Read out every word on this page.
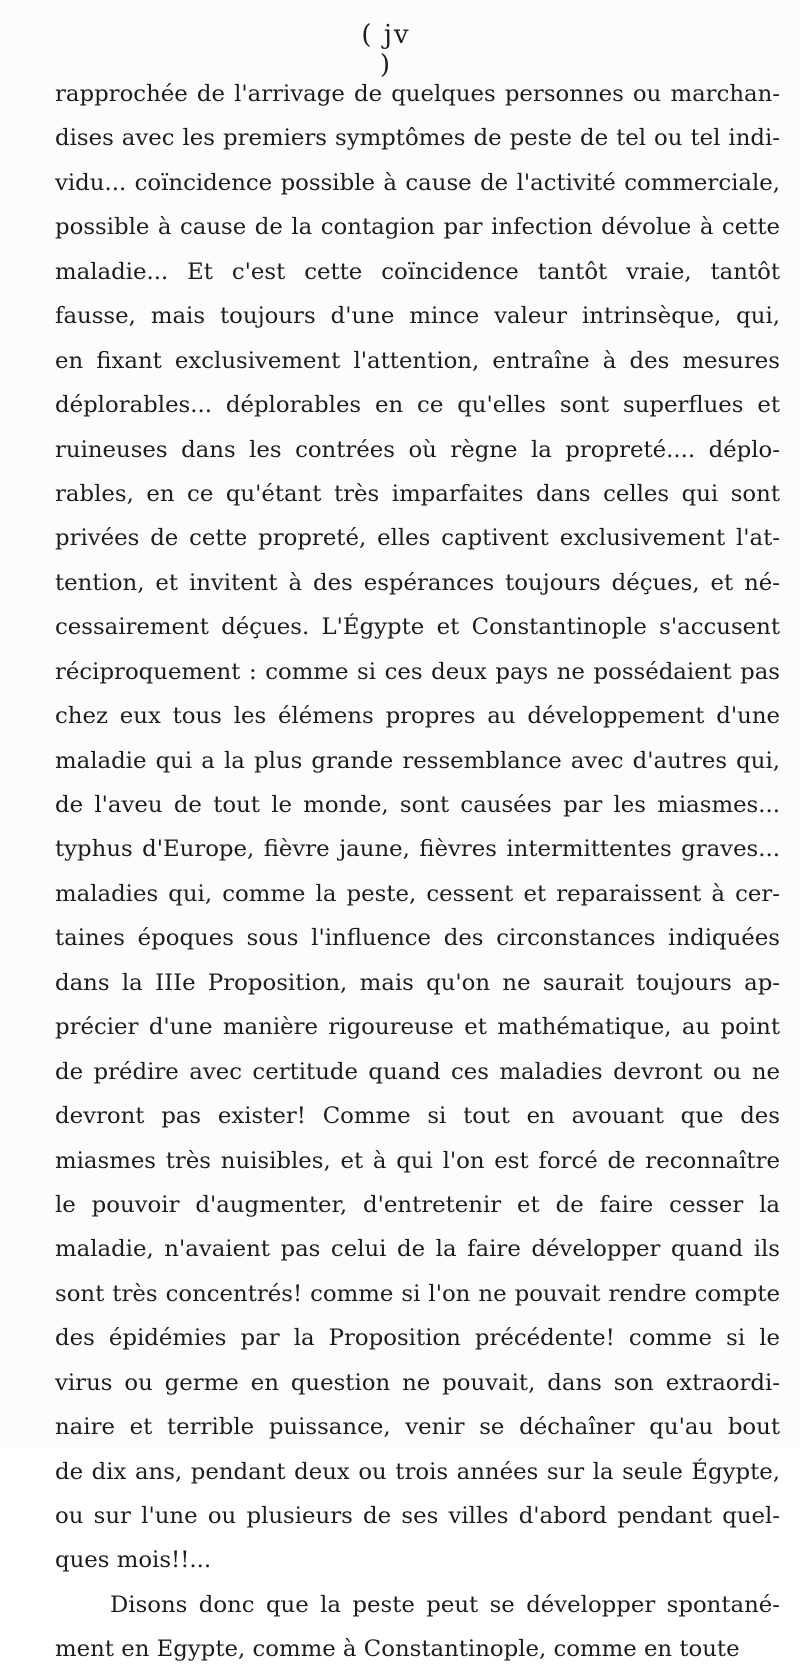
( jv )
rapprochée de l'arrivage de quelques personnes ou marchan-
dises avec les premiers symptômes de peste de tel ou tel indi-
vidu... coïncidence possible à cause de l'activité commerciale,
possible à cause de la contagion par infection dévolue à cette
maladie... Et c'est cette coïncidence tantôt vraie, tantôt
fausse, mais toujours d'une mince valeur intrinsèque, qui,
en fixant exclusivement l'attention, entraîne à des mesures
déplorables... déplorables en ce qu'elles sont superflues et
ruineuses dans les contrées où règne la propreté.... déplo-
rables, en ce qu'étant très imparfaites dans celles qui sont
privées de cette propreté, elles captivent exclusivement l'at-
tention, et invitent à des espérances toujours déçues, et né-
cessairement déçues. L'Égypte et Constantinople s'accusent
réciproquement : comme si ces deux pays ne possédaient pas
chez eux tous les élémens propres au développement d'une
maladie qui a la plus grande ressemblance avec d'autres qui,
de l'aveu de tout le monde, sont causées par les miasmes...
typhus d'Europe, fièvre jaune, fièvres intermittentes graves...
maladies qui, comme la peste, cessent et reparaissent à cer-
taines époques sous l'influence des circonstances indiquées
dans la IIIe Proposition, mais qu'on ne saurait toujours ap-
précier d'une manière rigoureuse et mathématique, au point
de prédire avec certitude quand ces maladies devront ou ne
devront pas exister! Comme si tout en avouant que des
miasmes très nuisibles, et à qui l'on est forcé de reconnaître
le pouvoir d'augmenter, d'entretenir et de faire cesser la
maladie, n'avaient pas celui de la faire développer quand ils
sont très concentrés! comme si l'on ne pouvait rendre compte
des épidémies par la Proposition précédente! comme si le
virus ou germe en question ne pouvait, dans son extraordi-
naire et terrible puissance, venir se déchaîner qu'au bout
de dix ans, pendant deux ou trois années sur la seule Égypte,
ou sur l'une ou plusieurs de ses villes d'abord pendant quel-
ques mois!!...
Disons donc que la peste peut se développer spontané-
ment en Egypte, comme à Constantinople, comme en toute
